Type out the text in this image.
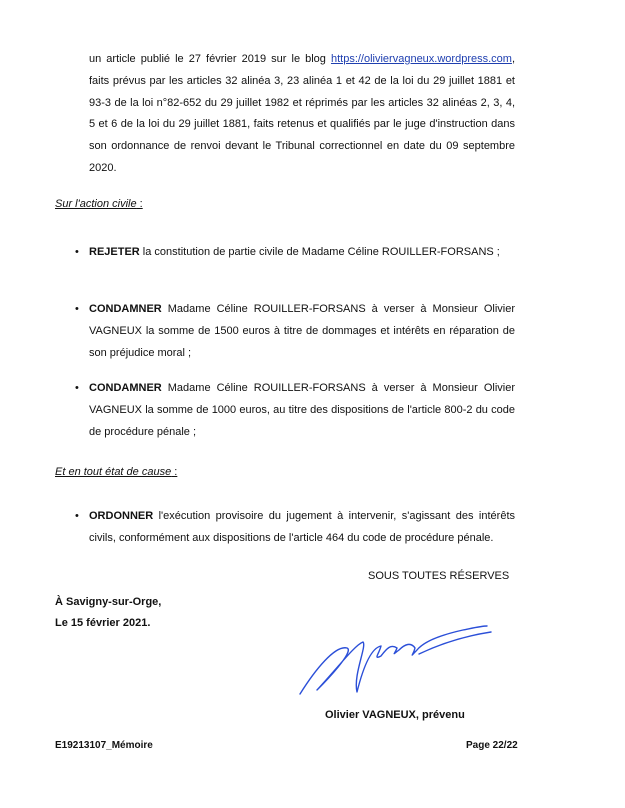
un article publié le 27 février 2019 sur le blog https://oliviervagneux.wordpress.com, faits prévus par les articles 32 alinéa 3, 23 alinéa 1 et 42 de la loi du 29 juillet 1881 et 93-3 de la loi n°82-652 du 29 juillet 1982 et réprimés par les articles 32 alinéas 2, 3, 4, 5 et 6 de la loi du 29 juillet 1881, faits retenus et qualifiés par le juge d'instruction dans son ordonnance de renvoi devant le Tribunal correctionnel en date du 09 septembre 2020.

Sur l'action civile :

• REJETER la constitution de partie civile de Madame Céline ROUILLER-FORSANS ;

• CONDAMNER Madame Céline ROUILLER-FORSANS à verser à Monsieur Olivier VAGNEUX la somme de 1500 euros à titre de dommages et intérêts en réparation de son préjudice moral ;

• CONDAMNER Madame Céline ROUILLER-FORSANS à verser à Monsieur Olivier VAGNEUX la somme de 1000 euros, au titre des dispositions de l'article 800-2 du code de procédure pénale ;

Et en tout état de cause :

• ORDONNER l'exécution provisoire du jugement à intervenir, s'agissant des intérêts civils, conformément aux dispositions de l'article 464 du code de procédure pénale.

SOUS TOUTES RÉSERVES
À Savigny-sur-Orge,
Le 15 février 2021.
Olivier VAGNEUX, prévenu
E19213107_Mémoire	Page 22/22
